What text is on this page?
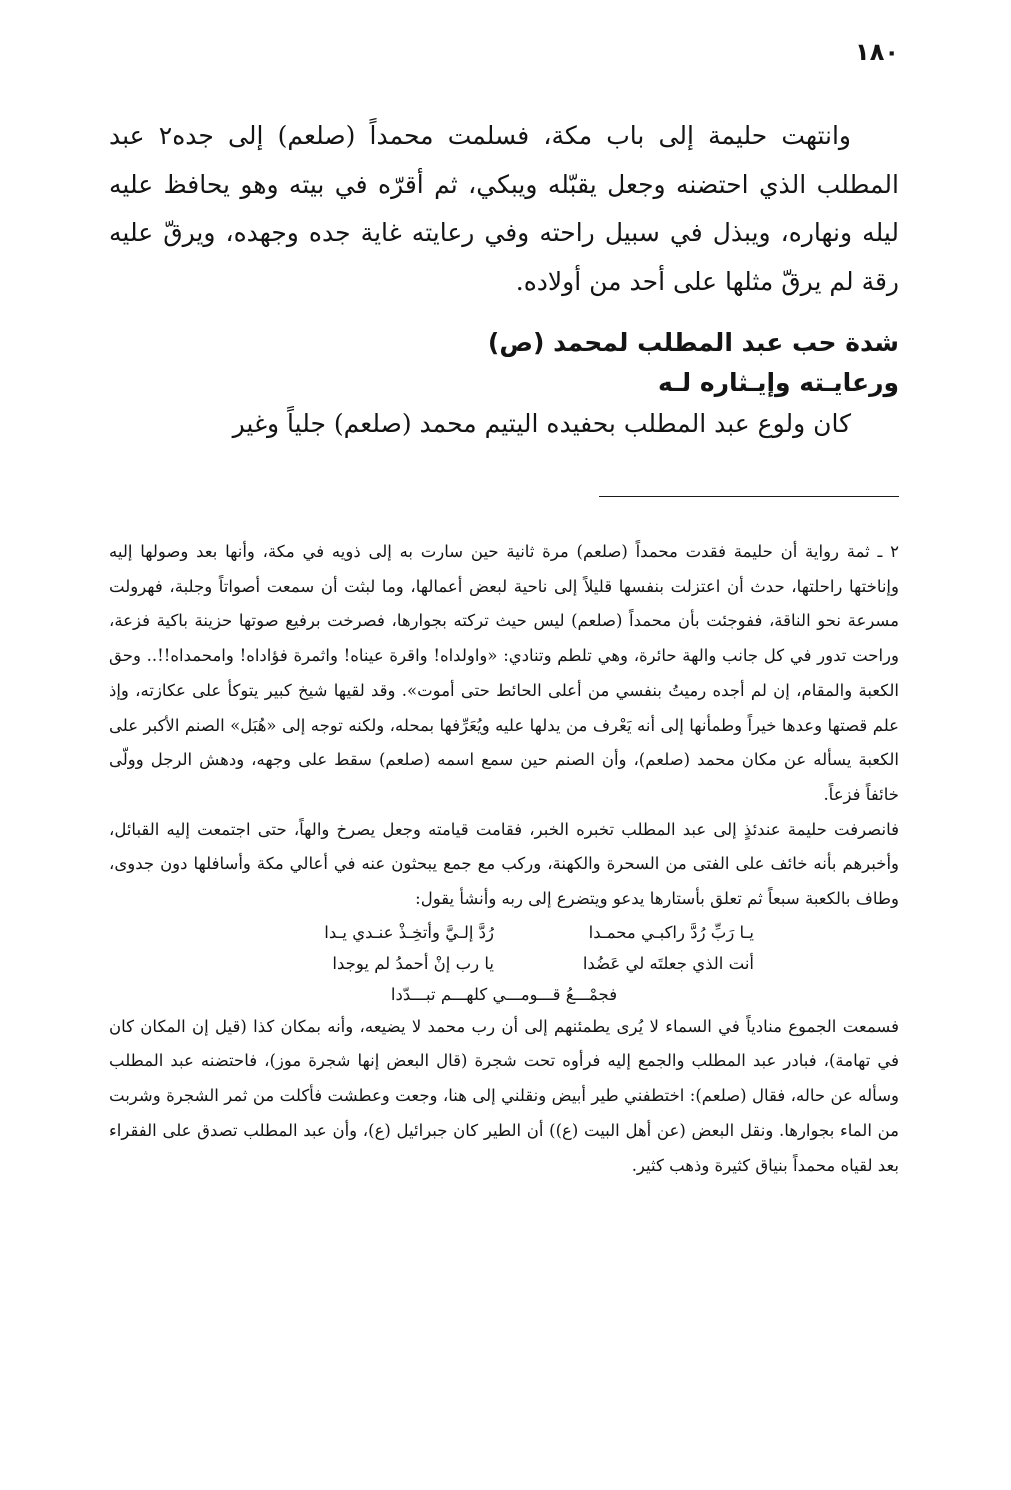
١٨٠

وانتهت حليمة إلى باب مكة، فسلمت محمداً (صلعم) إلى جده٢ عبد المطلب الذي احتضنه وجعل يقبّله ويبكي، ثم أقرّه في بيته وهو يحافظ عليه ليله ونهاره، ويبذل في سبيل راحته وفي رعايته غاية جده وجهده، ويرقّ عليه رقة لم يرقّ مثلها على أحد من أولاده.

شدة حب عبد المطلب لمحمد (ص)
ورعايـته وإيـثاره لـه
كان ولوع عبد المطلب بحفيده اليتيم محمد (صلعم) جلياً وغير

٢ ـ ثمة رواية أن حليمة فقدت محمداً (صلعم) مرة ثانية حين سارت به إلى ذويه في مكة، وأنها بعد وصولها إليه وإناختها راحلتها، حدث أن اعتزلت بنفسها قليلاً إلى ناحية لبعض أعمالها، وما لبثت أن سمعت أصواتاً وجلبة، فهرولت مسرعة نحو الناقة، ففوجئت بأن محمداً (صلعم) ليس حيث تركته بجوارها، فصرخت برفيع صوتها حزينة باكية فزعة، وراحت تدور في كل جانب والهة حائرة، وهي تلطم وتنادي: «واولداه! واقرة عيناه! واثمرة فؤاداه! وامحمداه!!.. وحق الكعبة والمقام، إن لم أجده رميتُ بنفسي من أعلى الحائط حتى أموت». وقد لقيها شيخ كبير يتوكأ على عكازته، وإذ علم قصتها وعدها خيراً وطمأنها إلى أنه يَعْرف من يدلها عليه ويُعَرِّفها بمحله، ولكنه توجه إلى «هُبَل» الصنم الأكبر على الكعبة يسأله عن مكان محمد (صلعم)، وأن الصنم حين سمع اسمه (صلعم) سقط على وجهه، ودهش الرجل وولّى خائفاً فزعاً.

فانصرفت حليمة عندئذٍ إلى عبد المطلب تخبره الخبر، فقامت قيامته وجعل يصرخ والهاً، حتى اجتمعت إليه القبائل، وأخبرهم بأنه خائف على الفتى من السحرة والكهنة، وركب مع جمع يبحثون عنه في أعالي مكة وأسافلها دون جدوى، وطاف بالكعبة سبعاً ثم تعلق بأستارها يدعو ويتضرع إلى ربه وأنشأ يقول:

يـا رَبِّ رُدَّ راكبـي محمـدا
رُدَّ إلـيَّ وأتخِـذْ عنـدي يـدا
أنت الذي جعلتَه لي عَضُدا
يا رب إنْ أحمدُ لم يوجدا
فجمْـــعُ قـــومـــي كلهـــم تبـــدّدا

فسمعت الجموع منادياً في السماء لا يُرى يطمئنهم إلى أن رب محمد لا يضيعه، وأنه بمكان كذا (قيل إن المكان كان في تهامة)، فبادر عبد المطلب والجمع إليه فرأوه تحت شجرة (قال البعض إنها شجرة موز)، فاحتضنه عبد المطلب وسأله عن حاله، فقال (صلعم): اختطفني طير أبيض ونقلني إلى هنا، وجعت وعطشت فأكلت من ثمر الشجرة وشربت من الماء بجوارها. ونقل البعض (عن أهل البيت (ع)) أن الطير كان جبرائيل (ع)، وأن عبد المطلب تصدق على الفقراء بعد لقياه محمداً بنياق كثيرة وذهب كثير.
